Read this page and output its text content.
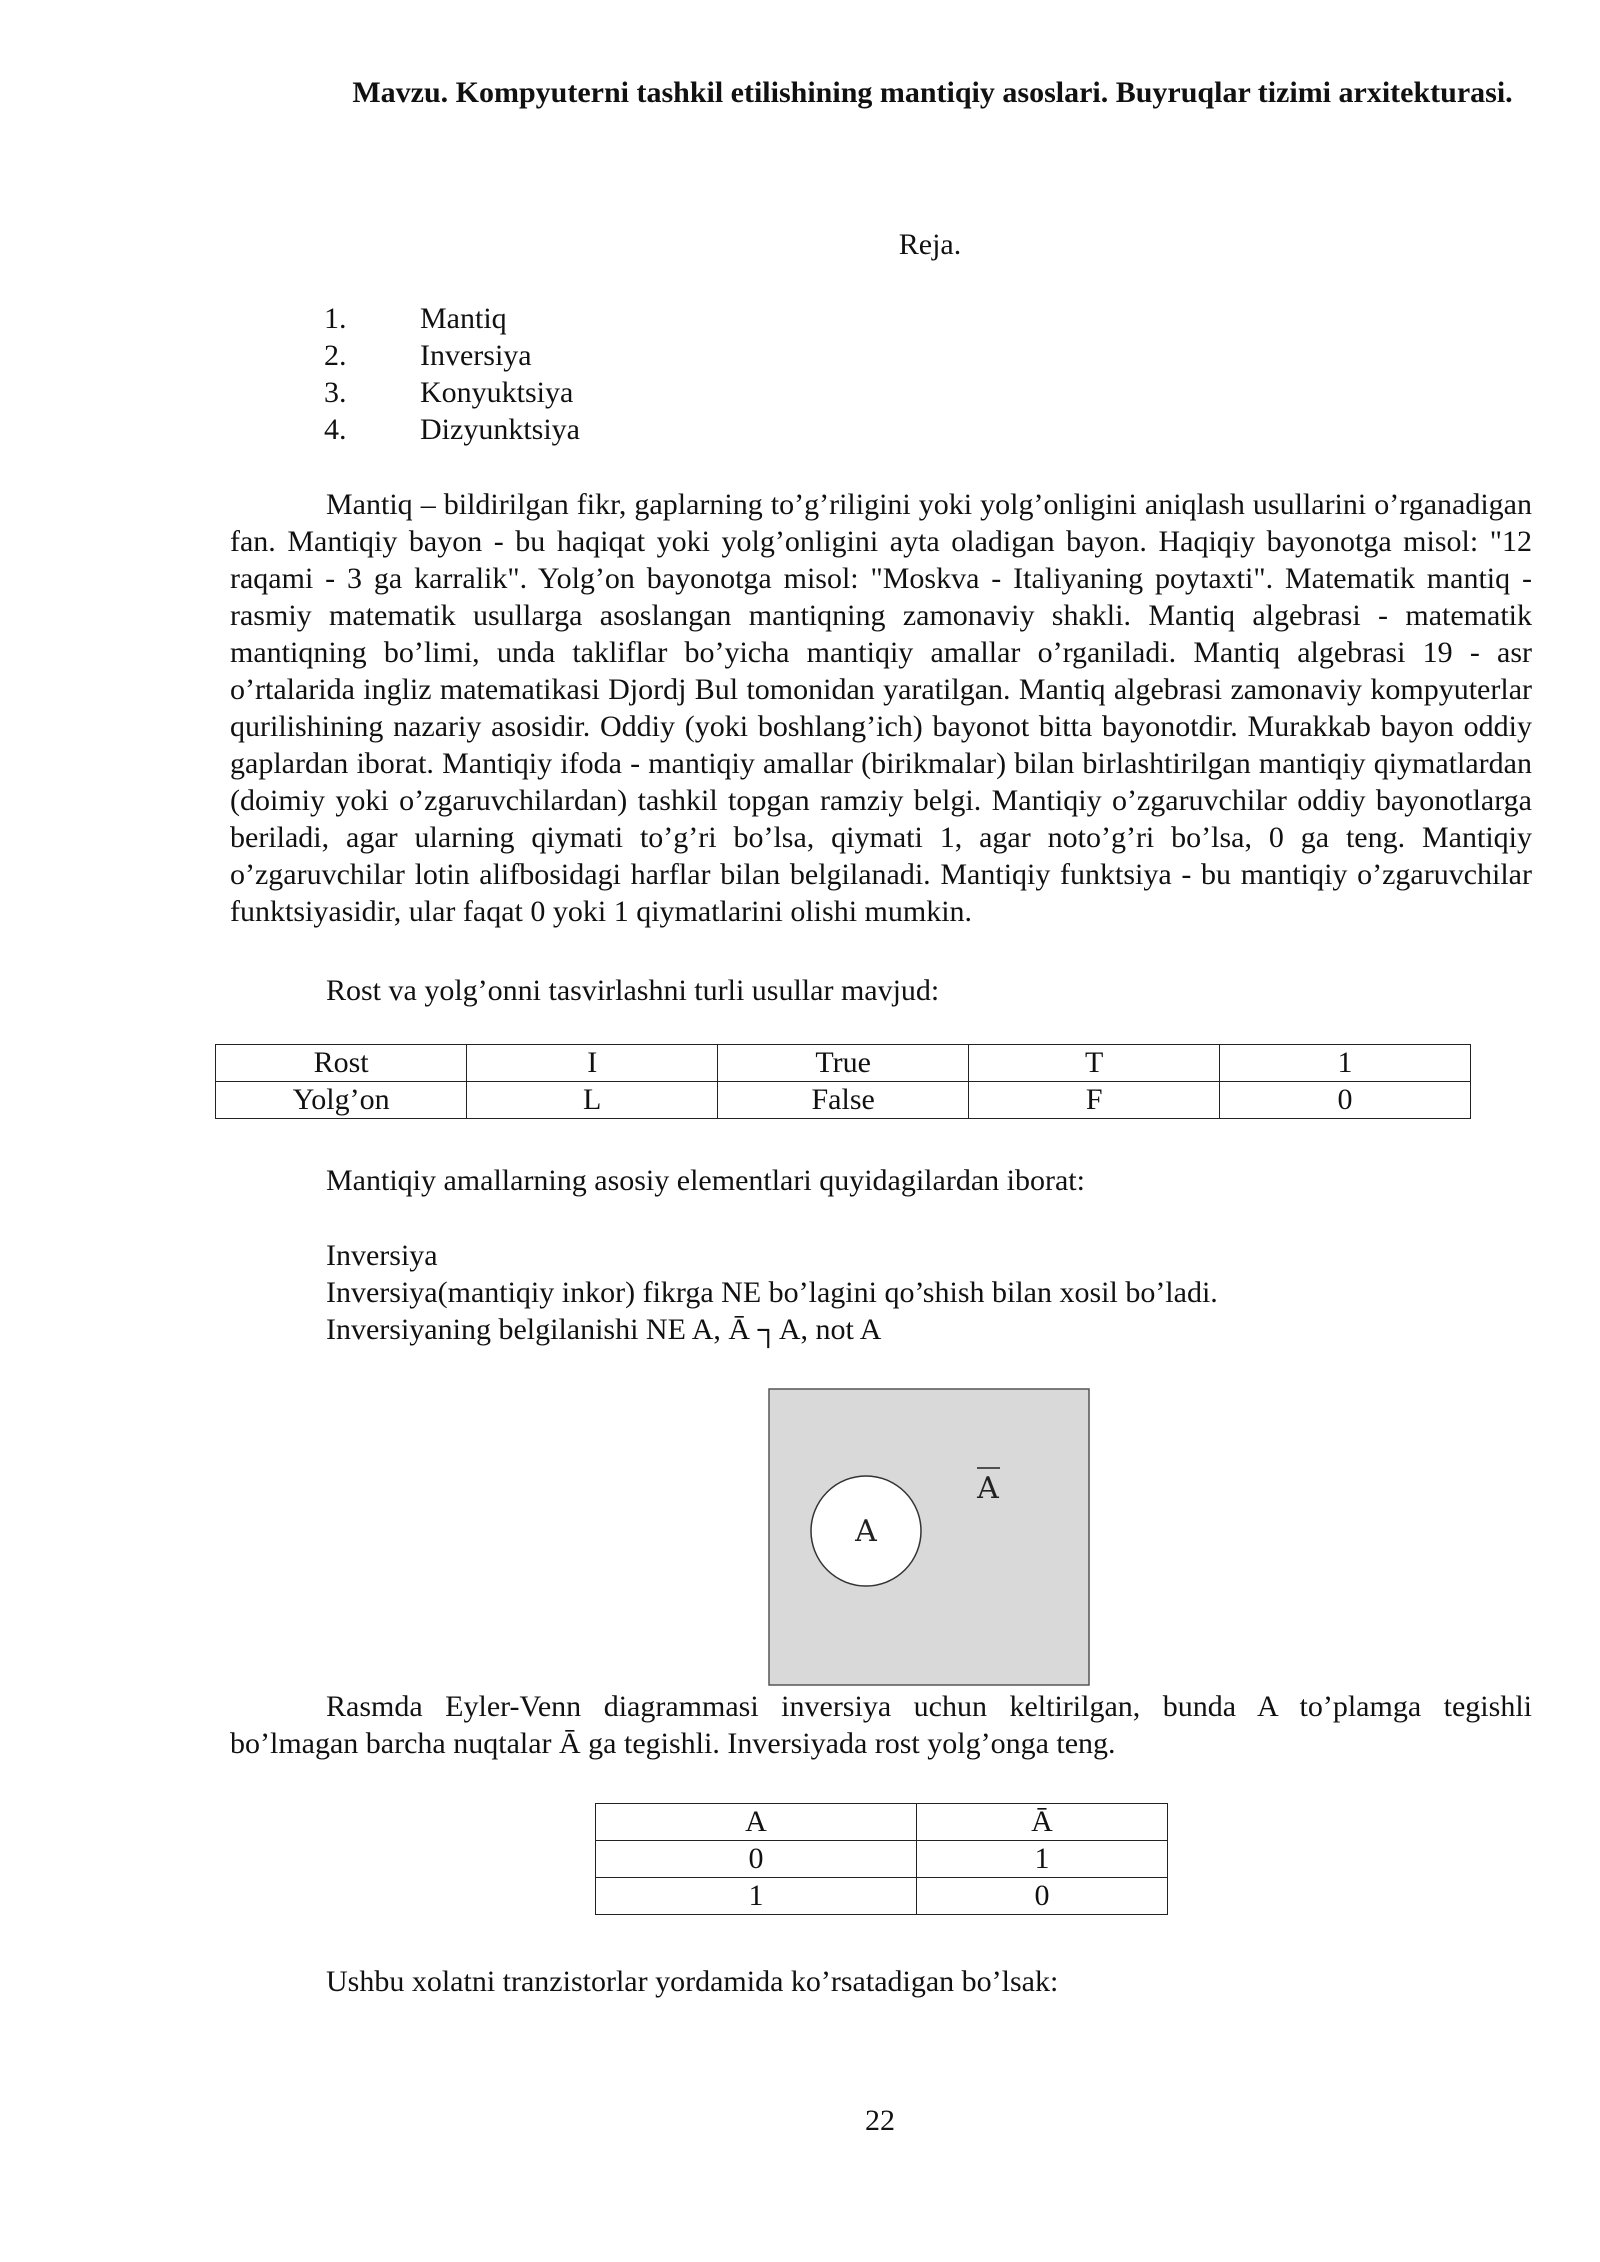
Mavzu. Kompyuterni tashkil etilishining mantiqiy asoslari. Buyruqlar tizimi arxitekturasi.
Reja.
1.	Mantiq
2.	Inversiya
3.	Konyuktsiya
4.	Dizyunktsiya

Mantiq – bildirilgan fikr, gaplarning to’g’riligini yoki yolg’onligini aniqlash usullarini o’rganadigan fan. Mantiqiy bayon - bu haqiqat yoki yolg’onligini ayta oladigan bayon. Haqiqiy bayonotga misol: "12 raqami - 3 ga karralik". Yolg’on bayonotga misol: "Moskva - Italiyaning poytaxti". Matematik mantiq - rasmiy matematik usullarga asoslangan mantiqning zamonaviy shakli. Mantiq algebrasi - matematik mantiqning bo’limi, unda takliflar bo’yicha mantiqiy amallar o’rganiladi. Mantiq algebrasi 19 - asr o’rtalarida ingliz matematikasi Djordj Bul tomonidan yaratilgan. Mantiq algebrasi zamonaviy kompyuterlar qurilishining nazariy asosidir. Oddiy (yoki boshlang’ich) bayonot bitta bayonotdir. Murakkab bayon oddiy gaplardan iborat. Mantiqiy ifoda - mantiqiy amallar (birikmalar) bilan birlashtirilgan mantiqiy qiymatlardan (doimiy yoki o’zgaruvchilardan) tashkil topgan ramziy belgi. Mantiqiy o’zgaruvchilar oddiy bayonotlarga beriladi, agar ularning qiymati to’g’ri bo’lsa, qiymati 1, agar noto’g’ri bo’lsa, 0 ga teng. Mantiqiy o’zgaruvchilar lotin alifbosidagi harflar bilan belgilanadi. Mantiqiy funktsiya - bu mantiqiy o’zgaruvchilar funktsiyasidir, ular faqat 0 yoki 1 qiymatlarini olishi mumkin.

Rost va yolg’onni tasvirlashni turli usullar mavjud:

Rost	I	True	T	1
Yolg’on	L	False	F	0

Mantiqiy amallarning asosiy elementlari quyidagilardan iborat:

Inversiya

Inversiya(mantiqiy inkor) fikrga NE bo’lagini qo’shish bilan xosil bo’ladi.

Inversiyaning belgilanishi NE A, Ā ┐A, not A

A
A

Rasmda Eyler-Venn diagrammasi inversiya uchun keltirilgan, bunda A to’plamga tegishli bo’lmagan barcha nuqtalar Ā ga tegishli. Inversiyada rost yolg’onga teng.

A	Ā
0	1
1	0

Ushbu xolatni tranzistorlar yordamida ko’rsatadigan bo’lsak:

22
